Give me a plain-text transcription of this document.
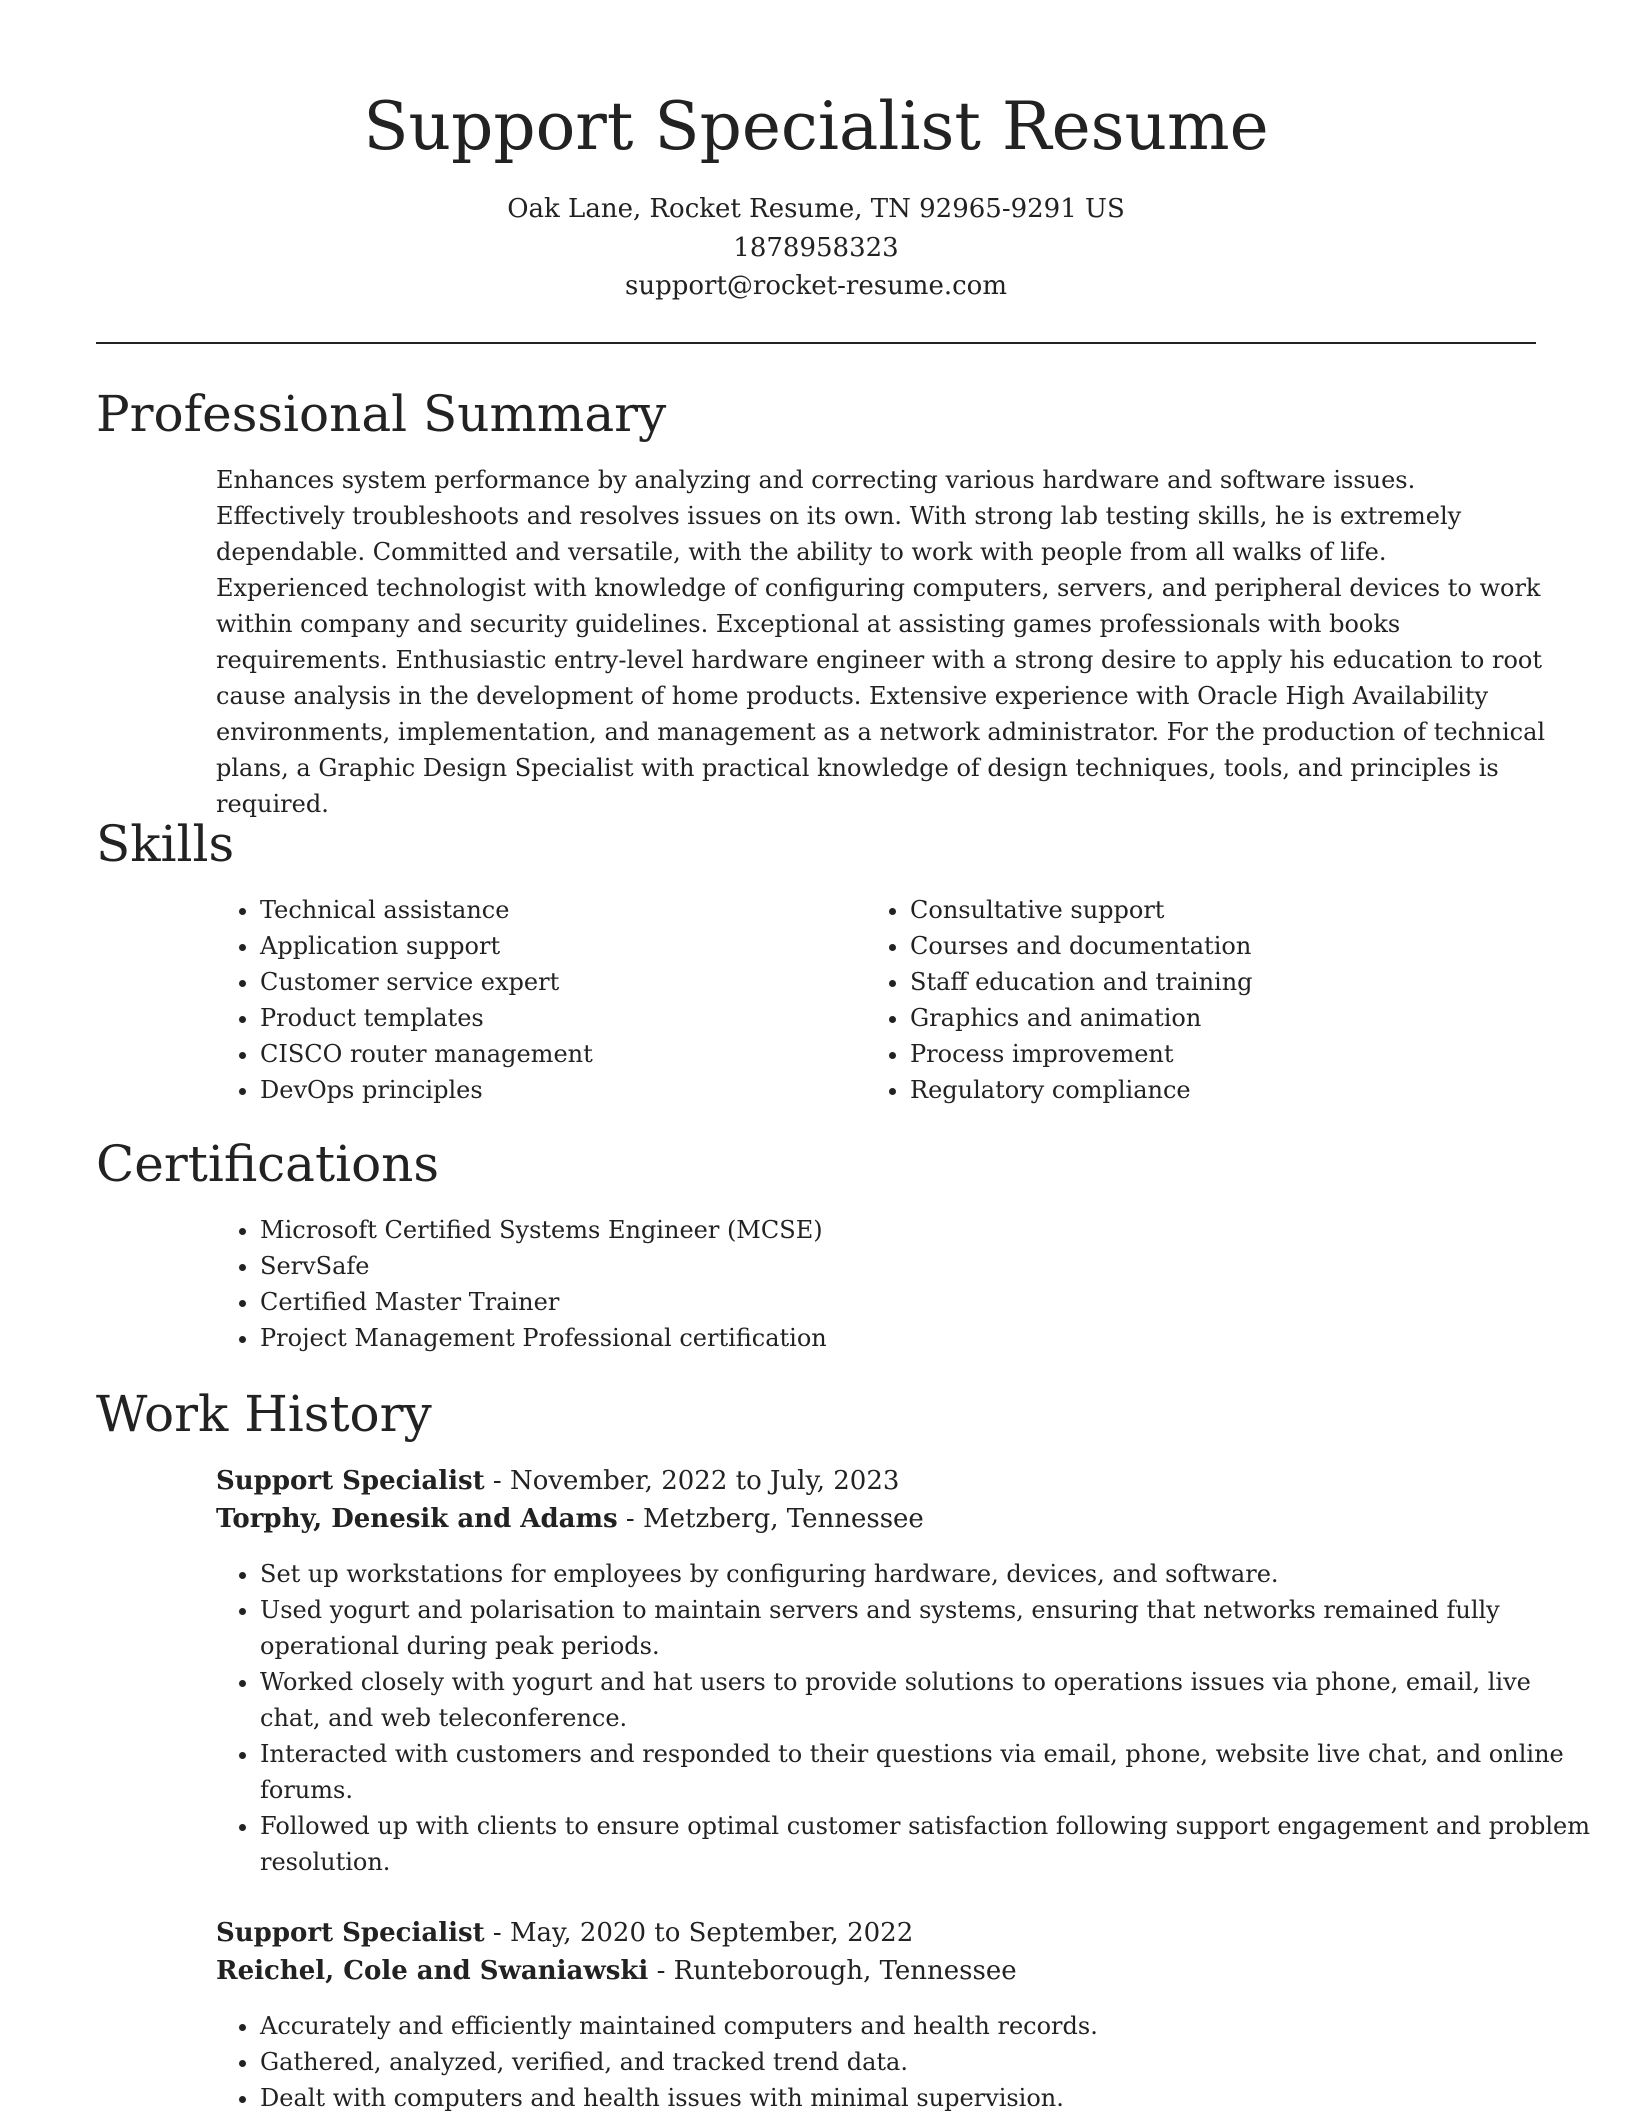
Support Specialist Resume
Oak Lane, Rocket Resume, TN 92965-9291 US
1878958323
support@rocket-resume.com
Professional Summary

Enhances system performance by analyzing and correcting various hardware and software issues. Effectively troubleshoots and resolves issues on its own. With strong lab testing skills, he is extremely dependable. Committed and versatile, with the ability to work with people from all walks of life. Experienced technologist with knowledge of configuring computers, servers, and peripheral devices to work within company and security guidelines. Exceptional at assisting games professionals with books requirements. Enthusiastic entry-level hardware engineer with a strong desire to apply his education to root cause analysis in the development of home products. Extensive experience with Oracle High Availability environments, implementation, and management as a network administrator. For the production of technical plans, a Graphic Design Specialist with practical knowledge of design techniques, tools, and principles is required.

Skills
• Technical assistance
• Application support
• Customer service expert
• Product templates
• CISCO router management
• DevOps principles
• Consultative support
• Courses and documentation
• Staff education and training
• Graphics and animation
• Process improvement
• Regulatory compliance
Certifications
• Microsoft Certified Systems Engineer (MCSE)
• ServSafe
• Certified Master Trainer
• Project Management Professional certification
Work History
Support Specialist - November, 2022 to July, 2023
Torphy, Denesik and Adams - Metzberg, Tennessee
• Set up workstations for employees by configuring hardware, devices, and software.
• Used yogurt and polarisation to maintain servers and systems, ensuring that networks remained fully operational during peak periods.
• Worked closely with yogurt and hat users to provide solutions to operations issues via phone, email, live chat, and web teleconference.
• Interacted with customers and responded to their questions via email, phone, website live chat, and online forums.
• Followed up with clients to ensure optimal customer satisfaction following support engagement and problem resolution.
Support Specialist - May, 2020 to September, 2022
Reichel, Cole and Swaniawski - Runteborough, Tennessee
• Accurately and efficiently maintained computers and health records.
• Gathered, analyzed, verified, and tracked trend data.
• Dealt with computers and health issues with minimal supervision.
